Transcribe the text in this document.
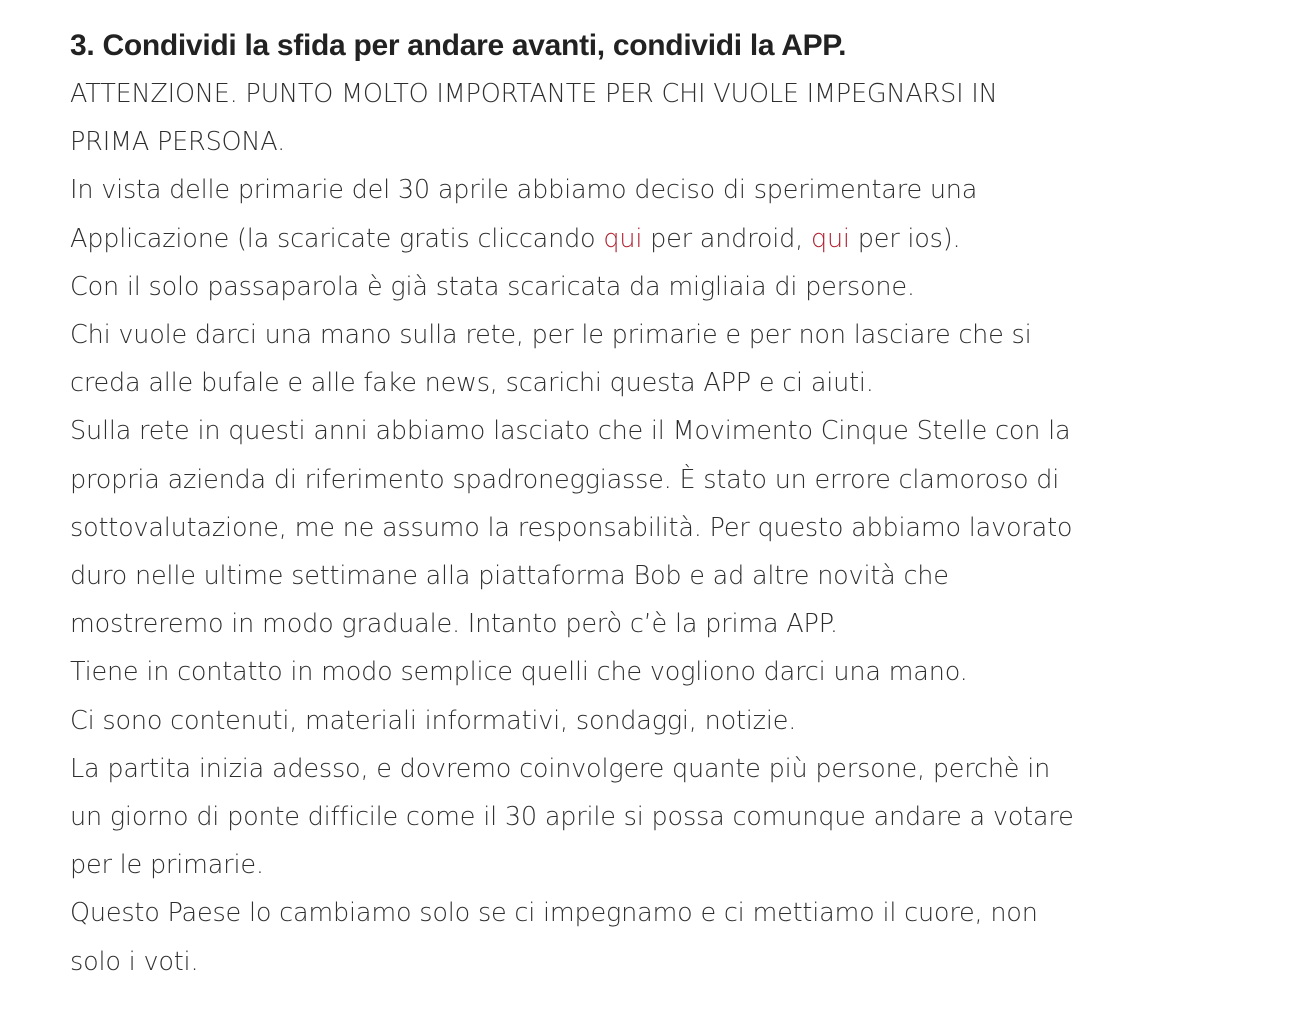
3. Condividi la sfida per andare avanti, condividi la APP.
ATTENZIONE. PUNTO MOLTO IMPORTANTE PER CHI VUOLE IMPEGNARSI IN
PRIMA PERSONA.
In vista delle primarie del 30 aprile abbiamo deciso di sperimentare una
Applicazione (la scaricate gratis cliccando qui per android, qui per ios).
Con il solo passaparola è già stata scaricata da migliaia di persone.
Chi vuole darci una mano sulla rete, per le primarie e per non lasciare che si
creda alle bufale e alle fake news, scarichi questa APP e ci aiuti.
Sulla rete in questi anni abbiamo lasciato che il Movimento Cinque Stelle con la
propria azienda di riferimento spadroneggiasse. È stato un errore clamoroso di
sottovalutazione, me ne assumo la responsabilità. Per questo abbiamo lavorato
duro nelle ultime settimane alla piattaforma Bob e ad altre novità che
mostreremo in modo graduale. Intanto però c’è la prima APP.
Tiene in contatto in modo semplice quelli che vogliono darci una mano.
Ci sono contenuti, materiali informativi, sondaggi, notizie.
La partita inizia adesso, e dovremo coinvolgere quante più persone, perchè in
un giorno di ponte difficile come il 30 aprile si possa comunque andare a votare
per le primarie.
Questo Paese lo cambiamo solo se ci impegnamo e ci mettiamo il cuore, non
solo i voti.
